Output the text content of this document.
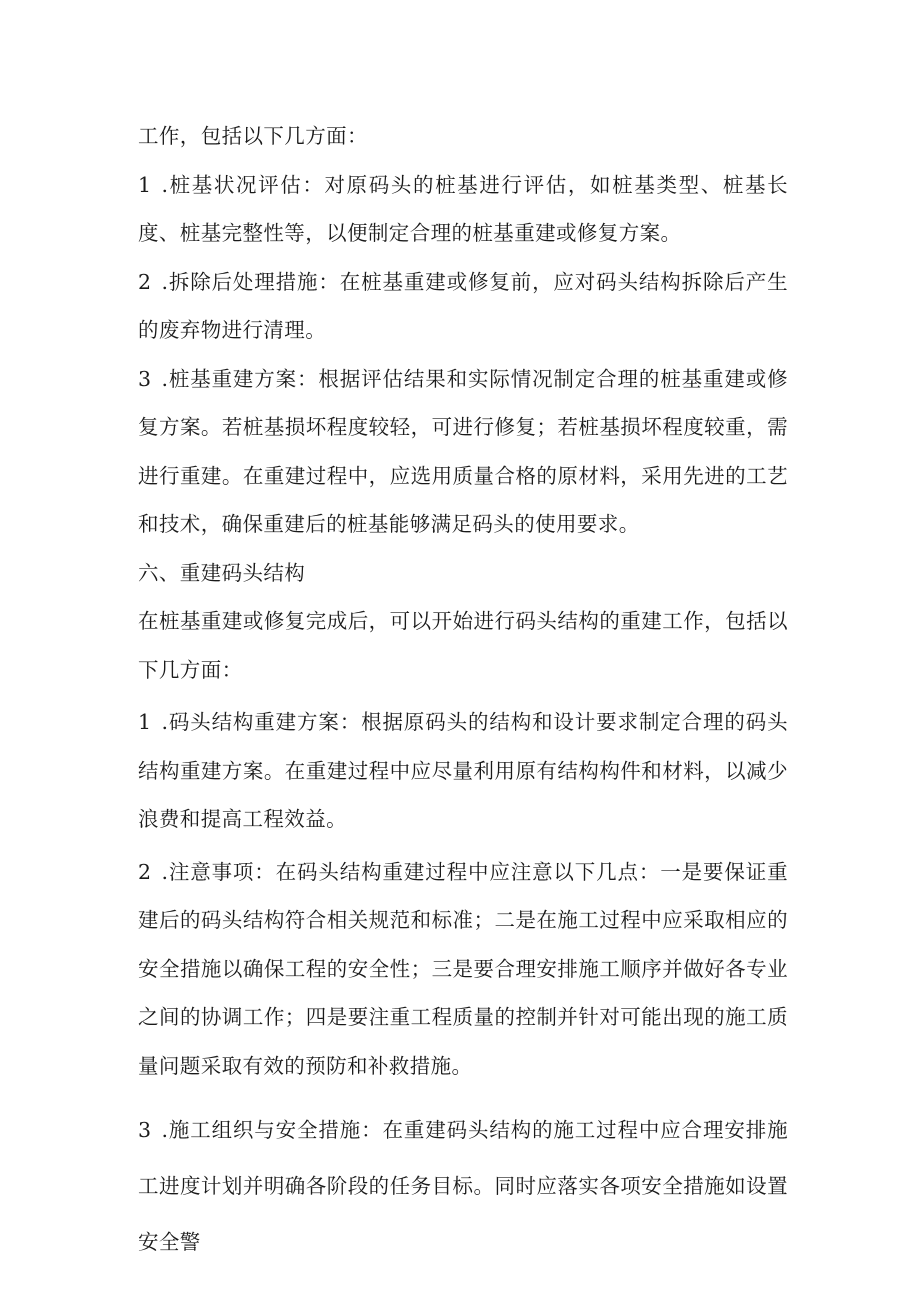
工作，包括以下几方面：

1 .桩基状况评估：对原码头的桩基进行评估，如桩基类型、桩基长度、桩基完整性等，以便制定合理的桩基重建或修复方案。

2 .拆除后处理措施：在桩基重建或修复前，应对码头结构拆除后产生的废弃物进行清理。

3 .桩基重建方案：根据评估结果和实际情况制定合理的桩基重建或修复方案。若桩基损坏程度较轻，可进行修复；若桩基损坏程度较重，需进行重建。在重建过程中，应选用质量合格的原材料，采用先进的工艺和技术，确保重建后的桩基能够满足码头的使用要求。

六、重建码头结构

在桩基重建或修复完成后，可以开始进行码头结构的重建工作，包括以下几方面：

1 .码头结构重建方案：根据原码头的结构和设计要求制定合理的码头结构重建方案。在重建过程中应尽量利用原有结构构件和材料，以减少浪费和提高工程效益。

2 .注意事项：在码头结构重建过程中应注意以下几点：一是要保证重建后的码头结构符合相关规范和标准；二是在施工过程中应采取相应的安全措施以确保工程的安全性；三是要合理安排施工顺序并做好各专业之间的协调工作；四是要注重工程质量的控制并针对可能出现的施工质量问题采取有效的预防和补救措施。

3 .施工组织与安全措施：在重建码头结构的施工过程中应合理安排施工进度计划并明确各阶段的任务目标。同时应落实各项安全措施如设置安全警
